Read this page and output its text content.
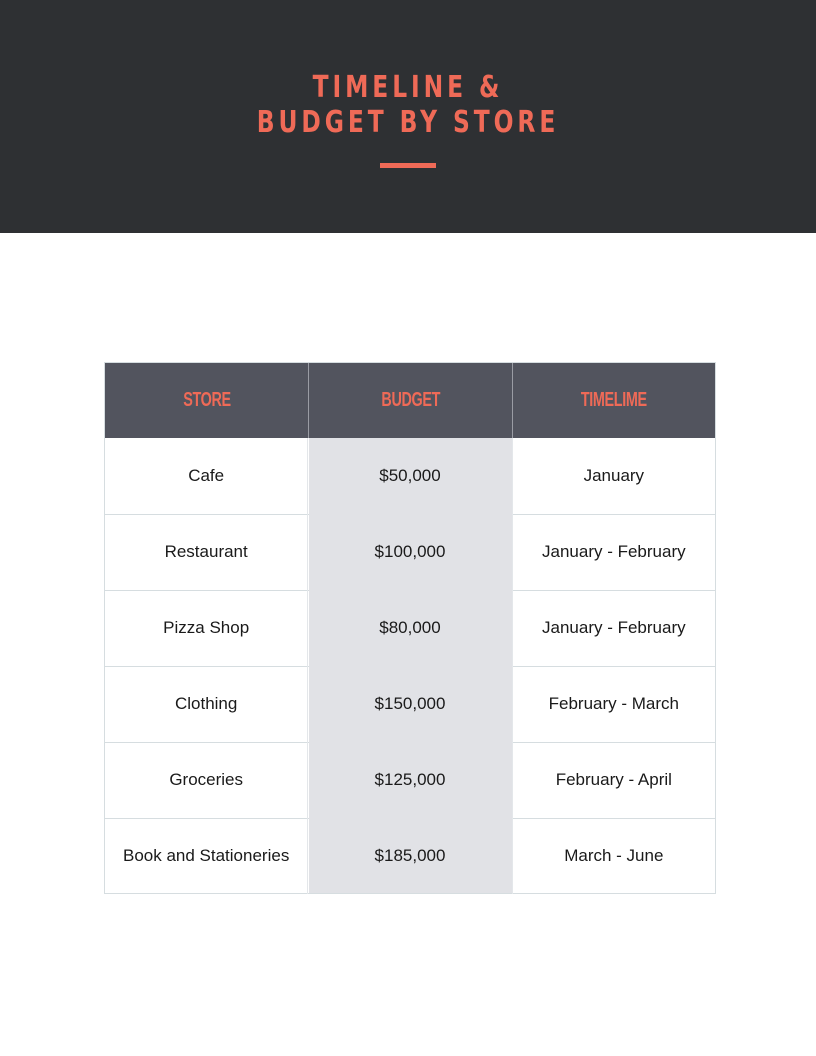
TIMELINE &
BUDGET BY STORE
STORE	BUDGET	TIMELIME
Cafe	$50,000	January
Restaurant	$100,000	January - February
Pizza Shop	$80,000	January - February
Clothing	$150,000	February - March
Groceries	$125,000	February - April
Book and Stationeries	$185,000	March - June
